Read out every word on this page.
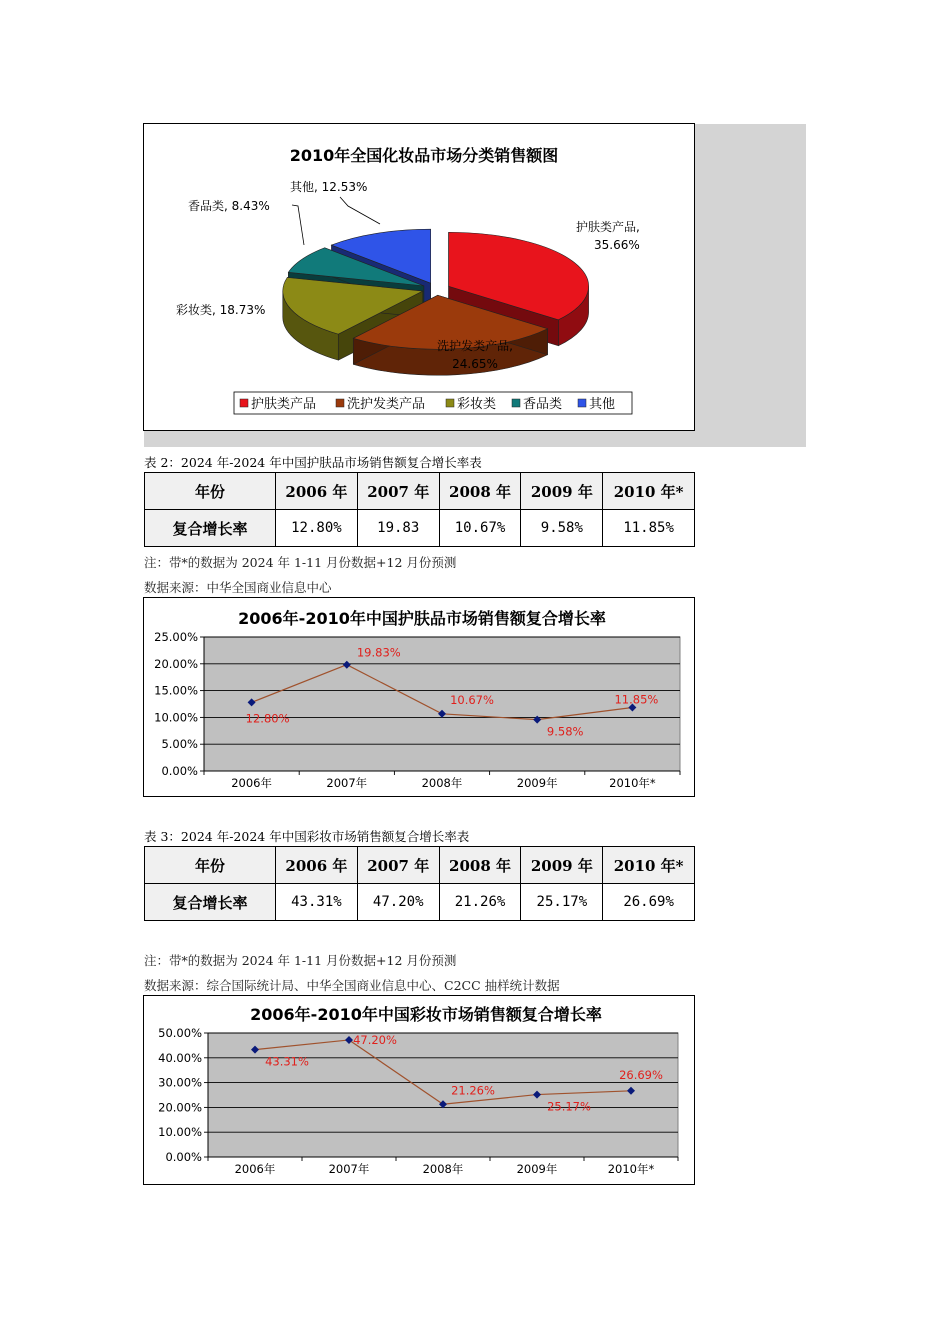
2010年全国化妆品市场分类销售额图
护肤类产品,
35.66%
洗护发类产品,
24.65%
彩妆类, 18.73%
香品类, 8.43%
其他, 12.53%
护肤类产品 洗护发类产品 彩妆类 香品类 其他
表 2：2024 年-2024 年中国护肤品市场销售额复合增长率表
年份	2006 年	2007 年	2008 年	2009 年	2010 年*
复合增长率	12.80%	19.83	10.67%	9.58%	11.85%
注：带*的数据为 2024 年 1-11 月份数据+12 月份预测
数据来源：中华全国商业信息中心
2006年-2010年中国护肤品市场销售额复合增长率
0.00%
5.00%
10.00%
15.00%
20.00%
25.00%
2006年	2007年	2008年	2009年	2010年*
12.80%
19.83%
10.67%
9.58%
11.85%
表 3：2024 年-2024 年中国彩妆市场销售额复合增长率表
年份	2006 年	2007 年	2008 年	2009 年	2010 年*
复合增长率	43.31%	47.20%	21.26%	25.17%	26.69%
注：带*的数据为 2024 年 1-11 月份数据+12 月份预测
数据来源：综合国际统计局、中华全国商业信息中心、C2CC 抽样统计数据
2006年-2010年中国彩妆市场销售额复合增长率
0.00%
10.00%
20.00%
30.00%
40.00%
50.00%
2006年	2007年	2008年	2009年	2010年*
43.31%
47.20%
21.26%
25.17%
26.69%
